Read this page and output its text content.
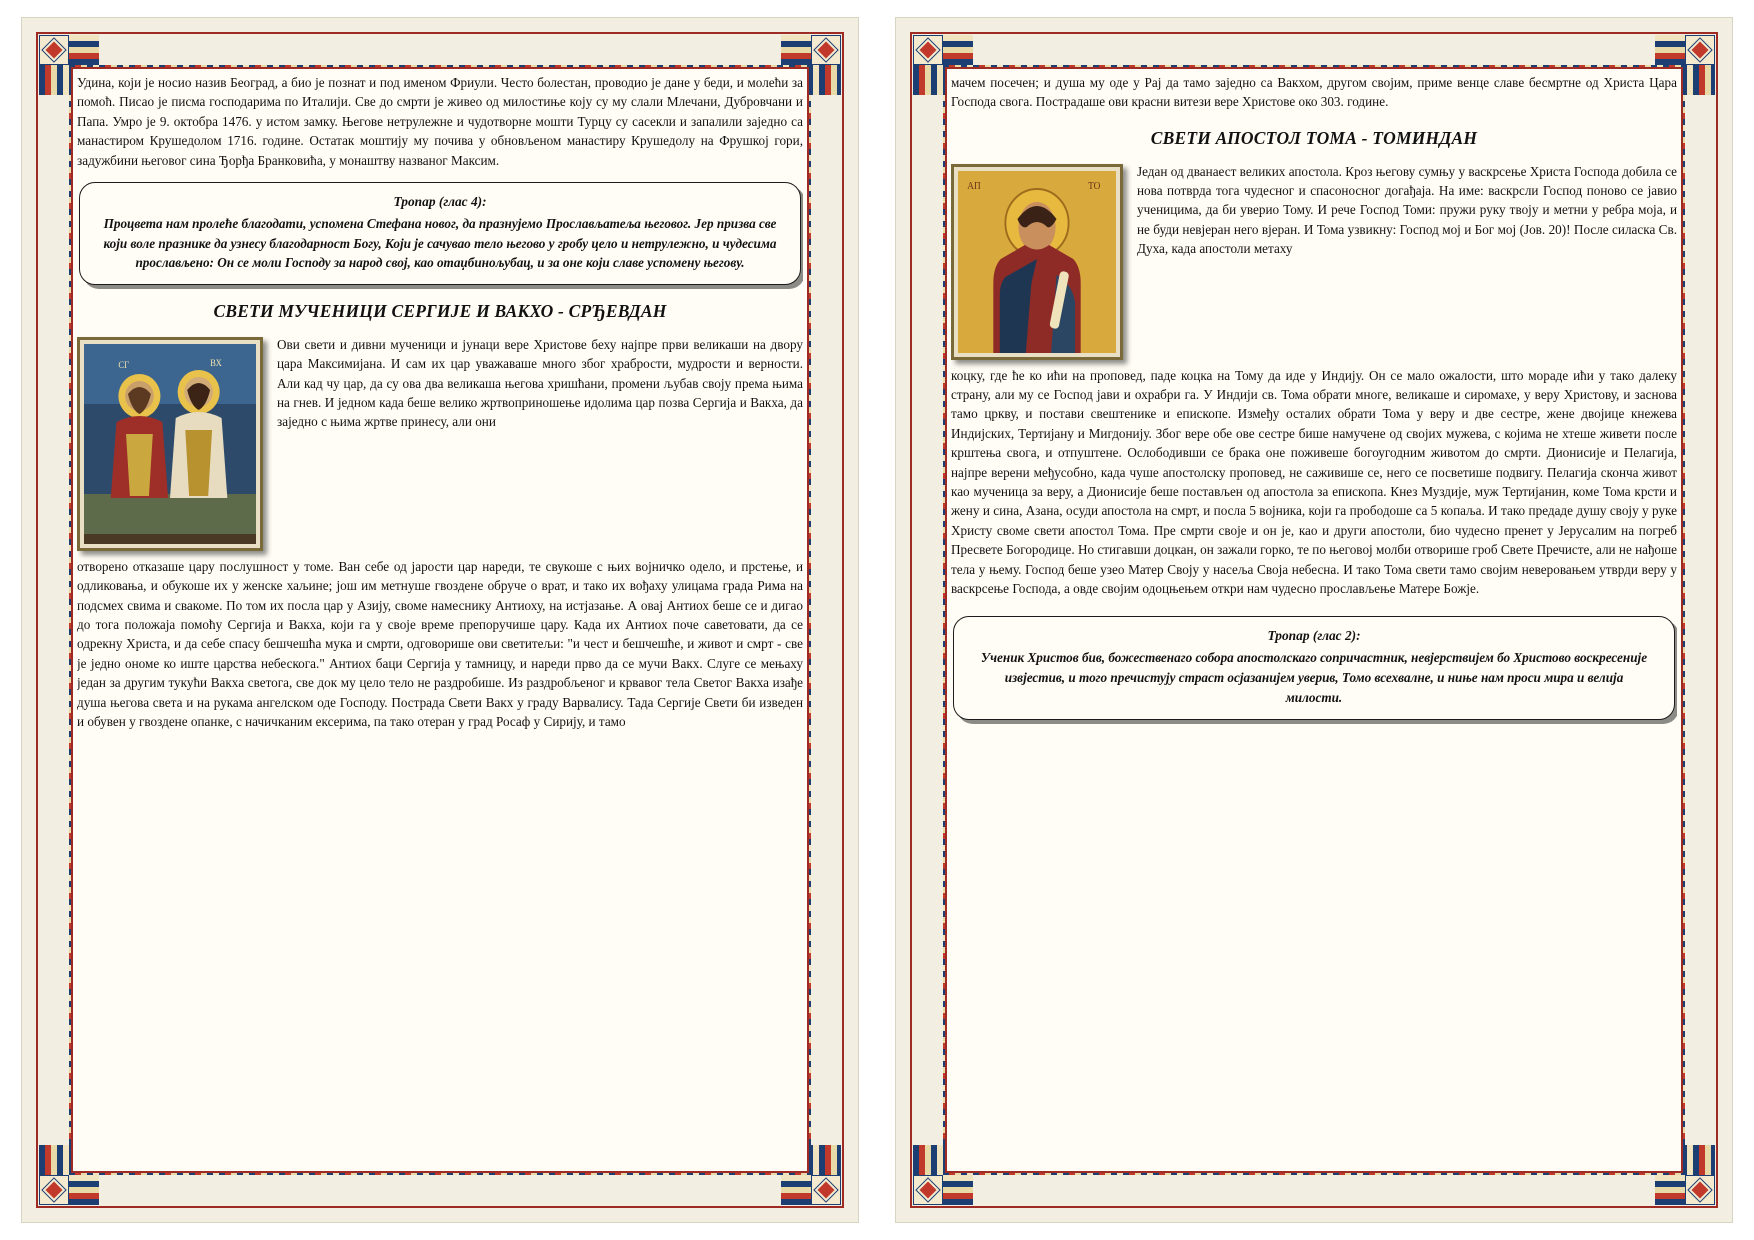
Удина, који је носио назив Београд, а био је познат и под именом Фриули. Често болестан, проводио је дане у беди, и молећи за помоћ. Писао је писма господарима по Италији. Све до смрти је живео од милостиње коју су му слали Млечани, Дубровчани и Папа. Умро је 9. октобра 1476. у истом замку. Његове нетрулежне и чудотворне мошти Турцу су сасекли и запалили заједно са манастиром Крушедолом 1716. године. Остатак моштију му почива у обновљеном манастиру Крушедолу на Фрушкој гори, задужбини његовог сина Ђорђа Бранковића, у монаштву названог Максим.

Тропар (глас 4):
Процвета нам пролеће благодати, успомена Стефана новог, да празнујемо Прослављатеља његовог. Јер призва све који воле празнике да узнесу благодарност Богу, Који је сачувао тело његово у гробу цело и нетрулежно, и чудесима прослављено: Он се моли Господу за народ свој, као отаџбинољубац, и за оне који славе успомену његову.
СВЕТИ МУЧЕНИЦИ СЕРГИЈЕ И ВАКХО - СРЂЕВДАН
СГ	ВХ

Ови свети и дивни мученици и јунаци вере Христове беху најпре први великаши на двору цара Максимијана. И сам их цар уважаваше много због храбрости, мудрости и верности. Али кад чу цар, да су ова два великаша његова хришћани, промени љубав своју према њима на гнев. И једном када беше велико жртвоприношење идолима цар позва Сергија и Вакха, да заједно с њима жртве принесу, али они

отворено отказаше цару послушност у томе. Ван себе од јарости цар нареди, те свукоше с њих војничко одело, и прстење, и одликовања, и обукоше их у женске хаљине; још им метнуше гвоздене обруче о врат, и тако их вођаху улицама града Рима на подсмех свима и свакоме. По том их посла цар у Азију, своме намеснику Антиоху, на истјазање. А овај Антиох беше се и дигао до тога положаја помоћу Сергија и Вакха, који га у своје време препоручише цару. Када их Антиох поче саветовати, да се одрекну Христа, и да себе спасу бешчешћа мука и смрти, одговорише ови светитељи: "и чест и бешчешће, и живот и смрт - све је једно ономе ко иште царства небескога." Антиох баци Сергија у тамницу, и нареди прво да се мучи Вакх. Слуге се мењаху један за другим тукући Вакха светога, све док му цело тело не раздробише. Из раздробљеног и крвавог тела Светог Вакха изађе душа његова света и на рукама ангелском оде Господу. Пострада Свети Вакх у граду Варвалису. Тада Сергије Свети би изведен и обувен у гвоздене опанке, с начичканим ексерима, па тако отеран у град Росаф у Сирију, и тамо

мачем посечен; и душа му оде у Рај да тамо заједно са Вакхом, другом својим, приме венце славе бесмртне од Христа Цара Господа свога. Пострадаше ови красни витези вере Христове око 303. године.

СВЕТИ АПОСТОЛ ТОМА - ТОМИНДАН
АП	ТО

Један од дванаест великих апостола. Кроз његову сумњу у васкрсење Христа Господа добила се нова потврда тога чудесног и спасоносног догађаја. На име: васкрсли Господ поново се јавио ученицима, да би уверио Тому. И рече Господ Томи: пружи руку твоју и метни у ребра моја, и не буди невјеран него вјеран. И Тома узвикну: Господ мој и Бог мој (Јов. 20)! После силаска Св. Духа, када апостоли метаху

коцку, где ће ко ићи на проповед, паде коцка на Тому да иде у Индију. Он се мало ожалости, што мораде ићи у тако далеку страну, али му се Господ јави и охрабри га. У Индији св. Тома обрати многе, великаше и сиромахе, у веру Христову, и заснова тамо цркву, и постави свештенике и епископе. Између осталих обрати Тома у веру и две сестре, жене двојице кнежева Индијских, Тертијану и Мигдонију. Због вере обе ове сестре бише намучене од својих мужева, с којима не хтеше живети после крштења свога, и отпуштене. Ослободивши се брака оне поживеше богоугодним животом до смрти. Дионисије и Пелагија, најпре верени међусобно, када чуше апостолску проповед, не саживише се, него се посветише подвигу. Пелагија сконча живот као мученица за веру, а Дионисије беше постављен од апостола за епископа. Кнез Муздије, муж Тертијанин, коме Тома крсти и жену и сина, Азана, осуди апостола на смрт, и посла 5 војника, који га прободоше са 5 копаља. И тако предаде душу своју у руке Христу своме свети апостол Тома. Пре смрти своје и он је, као и други апостоли, био чудесно пренет у Јерусалим на погреб Пресвете Богородице. Но стигавши доцкан, он зажали горко, те по његовој молби отворише гроб Свете Пречисте, али не нађоше тела у њему. Господ беше узео Матер Своју у насеља Своја небесна. И тако Тома свети тамо својим неверовањем утврди веру у васкрсење Господа, а овде својим одоцњењем откри нам чудесно прослављење Матере Божје.

Тропар (глас 2):
Ученик Христов бив, божественаго собора апостолскаго сопричастник, невјерствијем бо Христово воскресеније извјестив, и того пречистују страст осјазанијем уверив, Томо всехвалне, и ниње нам проси мира и велија милости.
